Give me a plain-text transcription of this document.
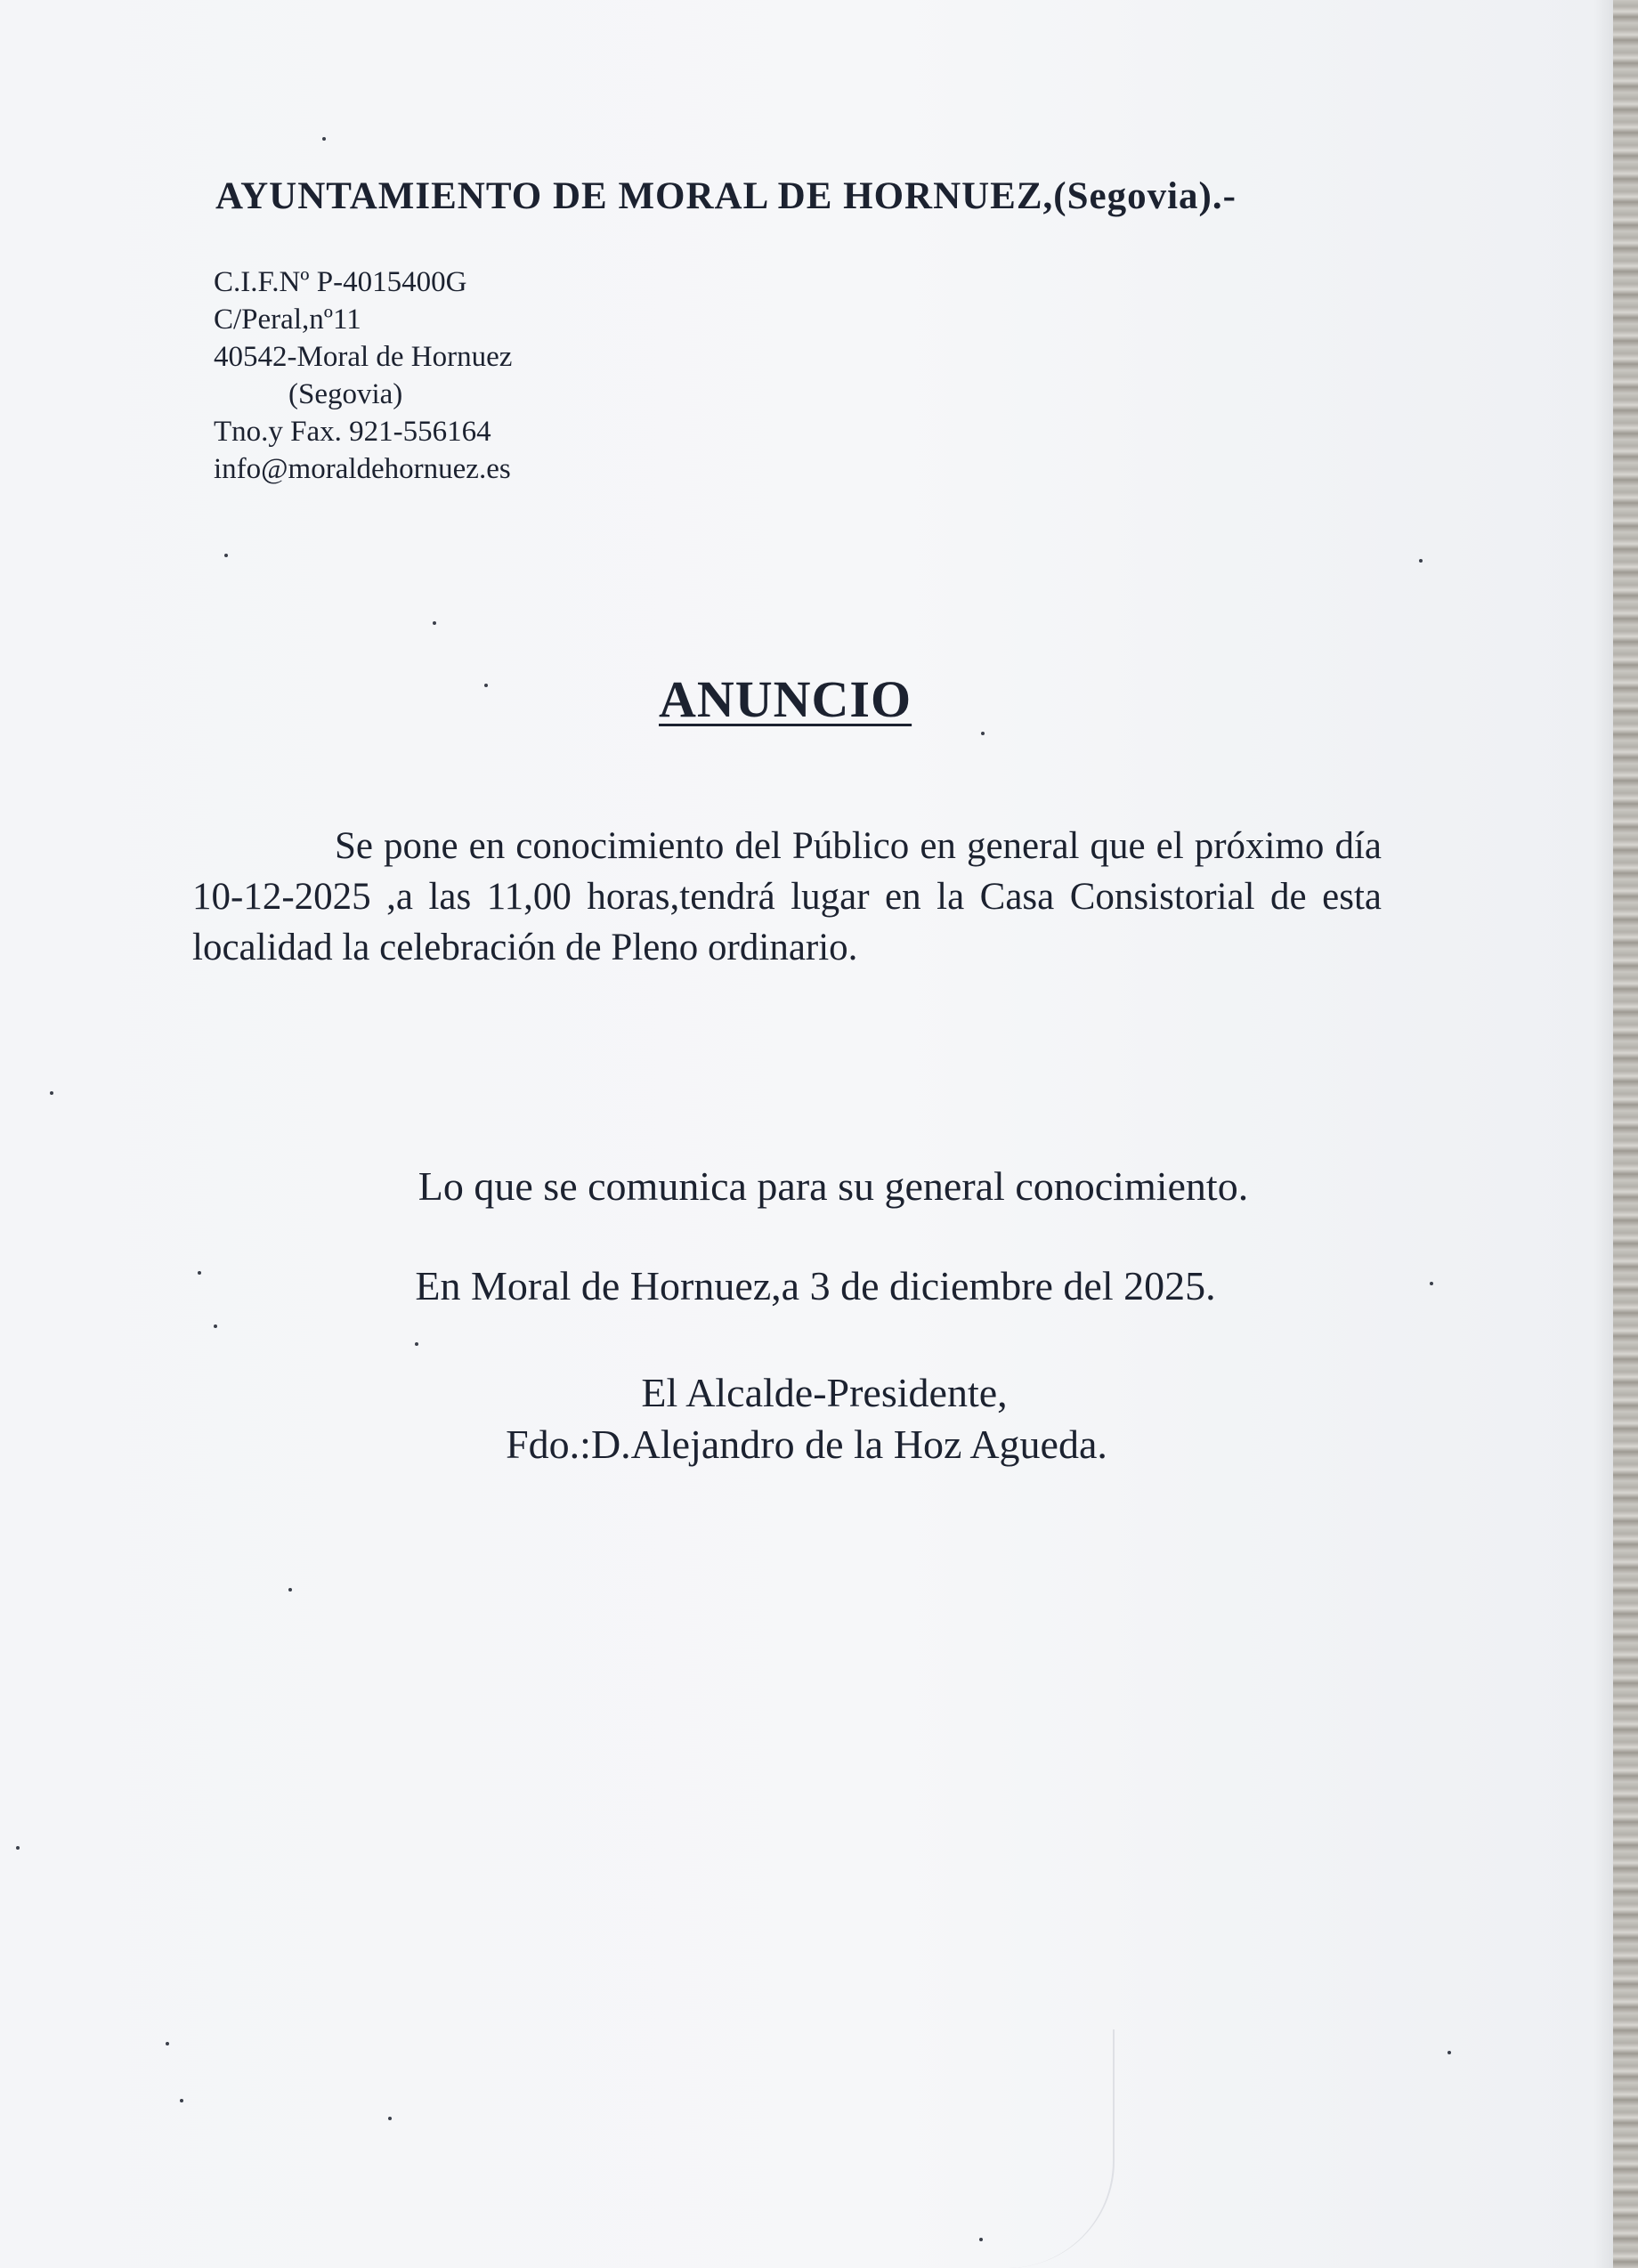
AYUNTAMIENTO DE MORAL DE HORNUEZ,(Segovia).-
C.I.F.Nº P-4015400G
C/Peral,nº11
40542-Moral de Hornuez
(Segovia)
Tno.y Fax. 921-556164
info@moraldehornuez.es
ANUNCIO
Se pone en conocimiento del Público en general que el próximo día 10-12-2025 ,a las 11,00 horas,tendrá lugar en la Casa Consistorial de esta localidad la celebración de Pleno ordinario.
Lo que se comunica para su general conocimiento.
En Moral de Hornuez,a 3 de diciembre del 2025.
El Alcalde-Presidente,
Fdo.:D.Alejandro de la Hoz Agueda.
